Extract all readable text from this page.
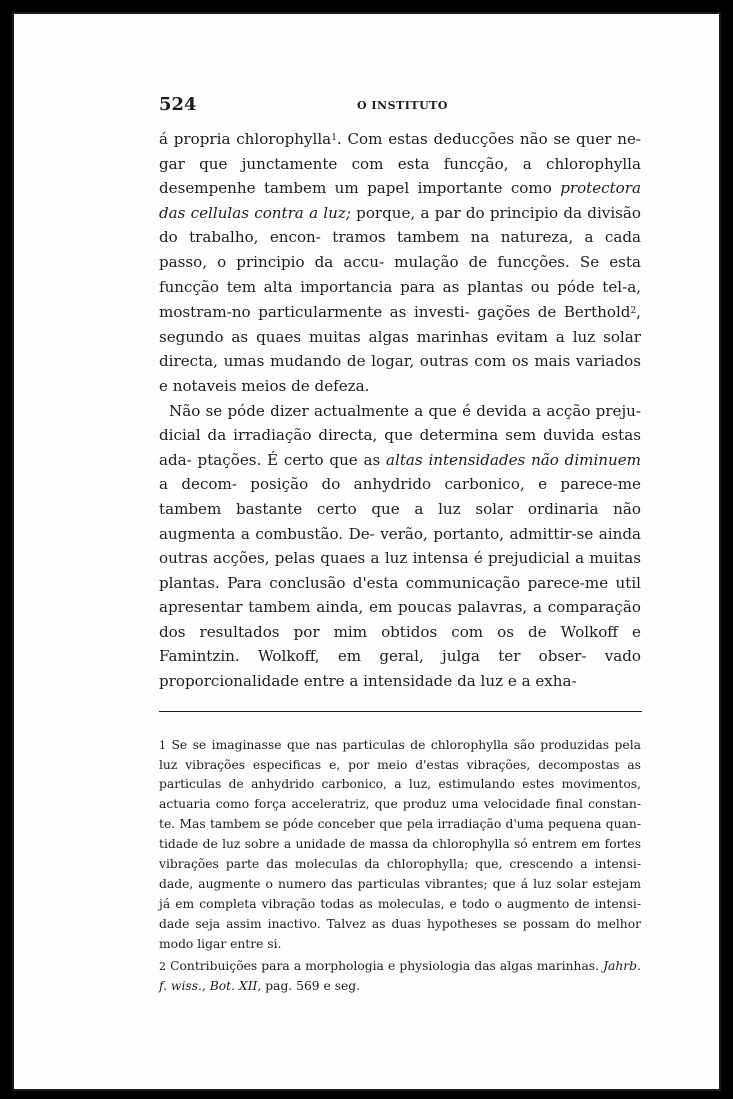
524	O INSTITUTO

á propria chlorophylla$^1$. Com estas deducções não se quer ne- gar que junctamente com esta funcção, a chlorophylla desempenhe tambem um papel importante como protectora das cellulas contra a luz; porque, a par do principio da divisão do trabalho, encon- tramos tambem na natureza, a cada passo, o principio da accu- mulação de funcções. Se esta funcção tem alta importancia para as plantas ou póde tel-a, mostram-no particularmente as investi- gações de Berthold$^2$, segundo as quaes muitas algas marinhas evitam a luz solar directa, umas mudando de logar, outras com os mais variados e notaveis meios de defeza.

Não se póde dizer actualmente a que é devida a acção preju- dicial da irradiação directa, que determina sem duvida estas ada- ptações. É certo que as altas intensidades não diminuem a decom- posição do anhydrido carbonico, e parece-me tambem bastante certo que a luz solar ordinaria não augmenta a combustão. De- verão, portanto, admittir-se ainda outras acções, pelas quaes a luz intensa é prejudicial a muitas plantas. Para conclusão d'esta communicação parece-me util apresentar tambem ainda, em poucas palavras, a comparação dos resultados por mim obtidos com os de Wolkoff e Famintzin. Wolkoff, em geral, julga ter obser- vado proporcionalidade entre a intensidade da luz e a exha-

1 Se se imaginasse que nas particulas de chlorophylla são produzidas pela luz vibrações especificas e, por meio d'estas vibrações, decompostas as particulas de anhydrido carbonico, a luz, estimulando estes movimentos, actuaria como força acceleratriz, que produz uma velocidade final constan- te. Mas tambem se póde conceber que pela irradiação d'uma pequena quan- tidade de luz sobre a unidade de massa da chlorophylla só entrem em fortes vibrações parte das moleculas da chlorophylla; que, crescendo a intensi- dade, augmente o numero das particulas vibrantes; que á luz solar estejam já em completa vibração todas as moleculas, e todo o augmento de intensi- dade seja assim inactivo. Talvez as duas hypotheses se possam do melhor modo ligar entre si.

2 Contribuições para a morphologia e physiologia das algas marinhas. Jahrb. f. wiss., Bot. XII, pag. 569 e seg.
